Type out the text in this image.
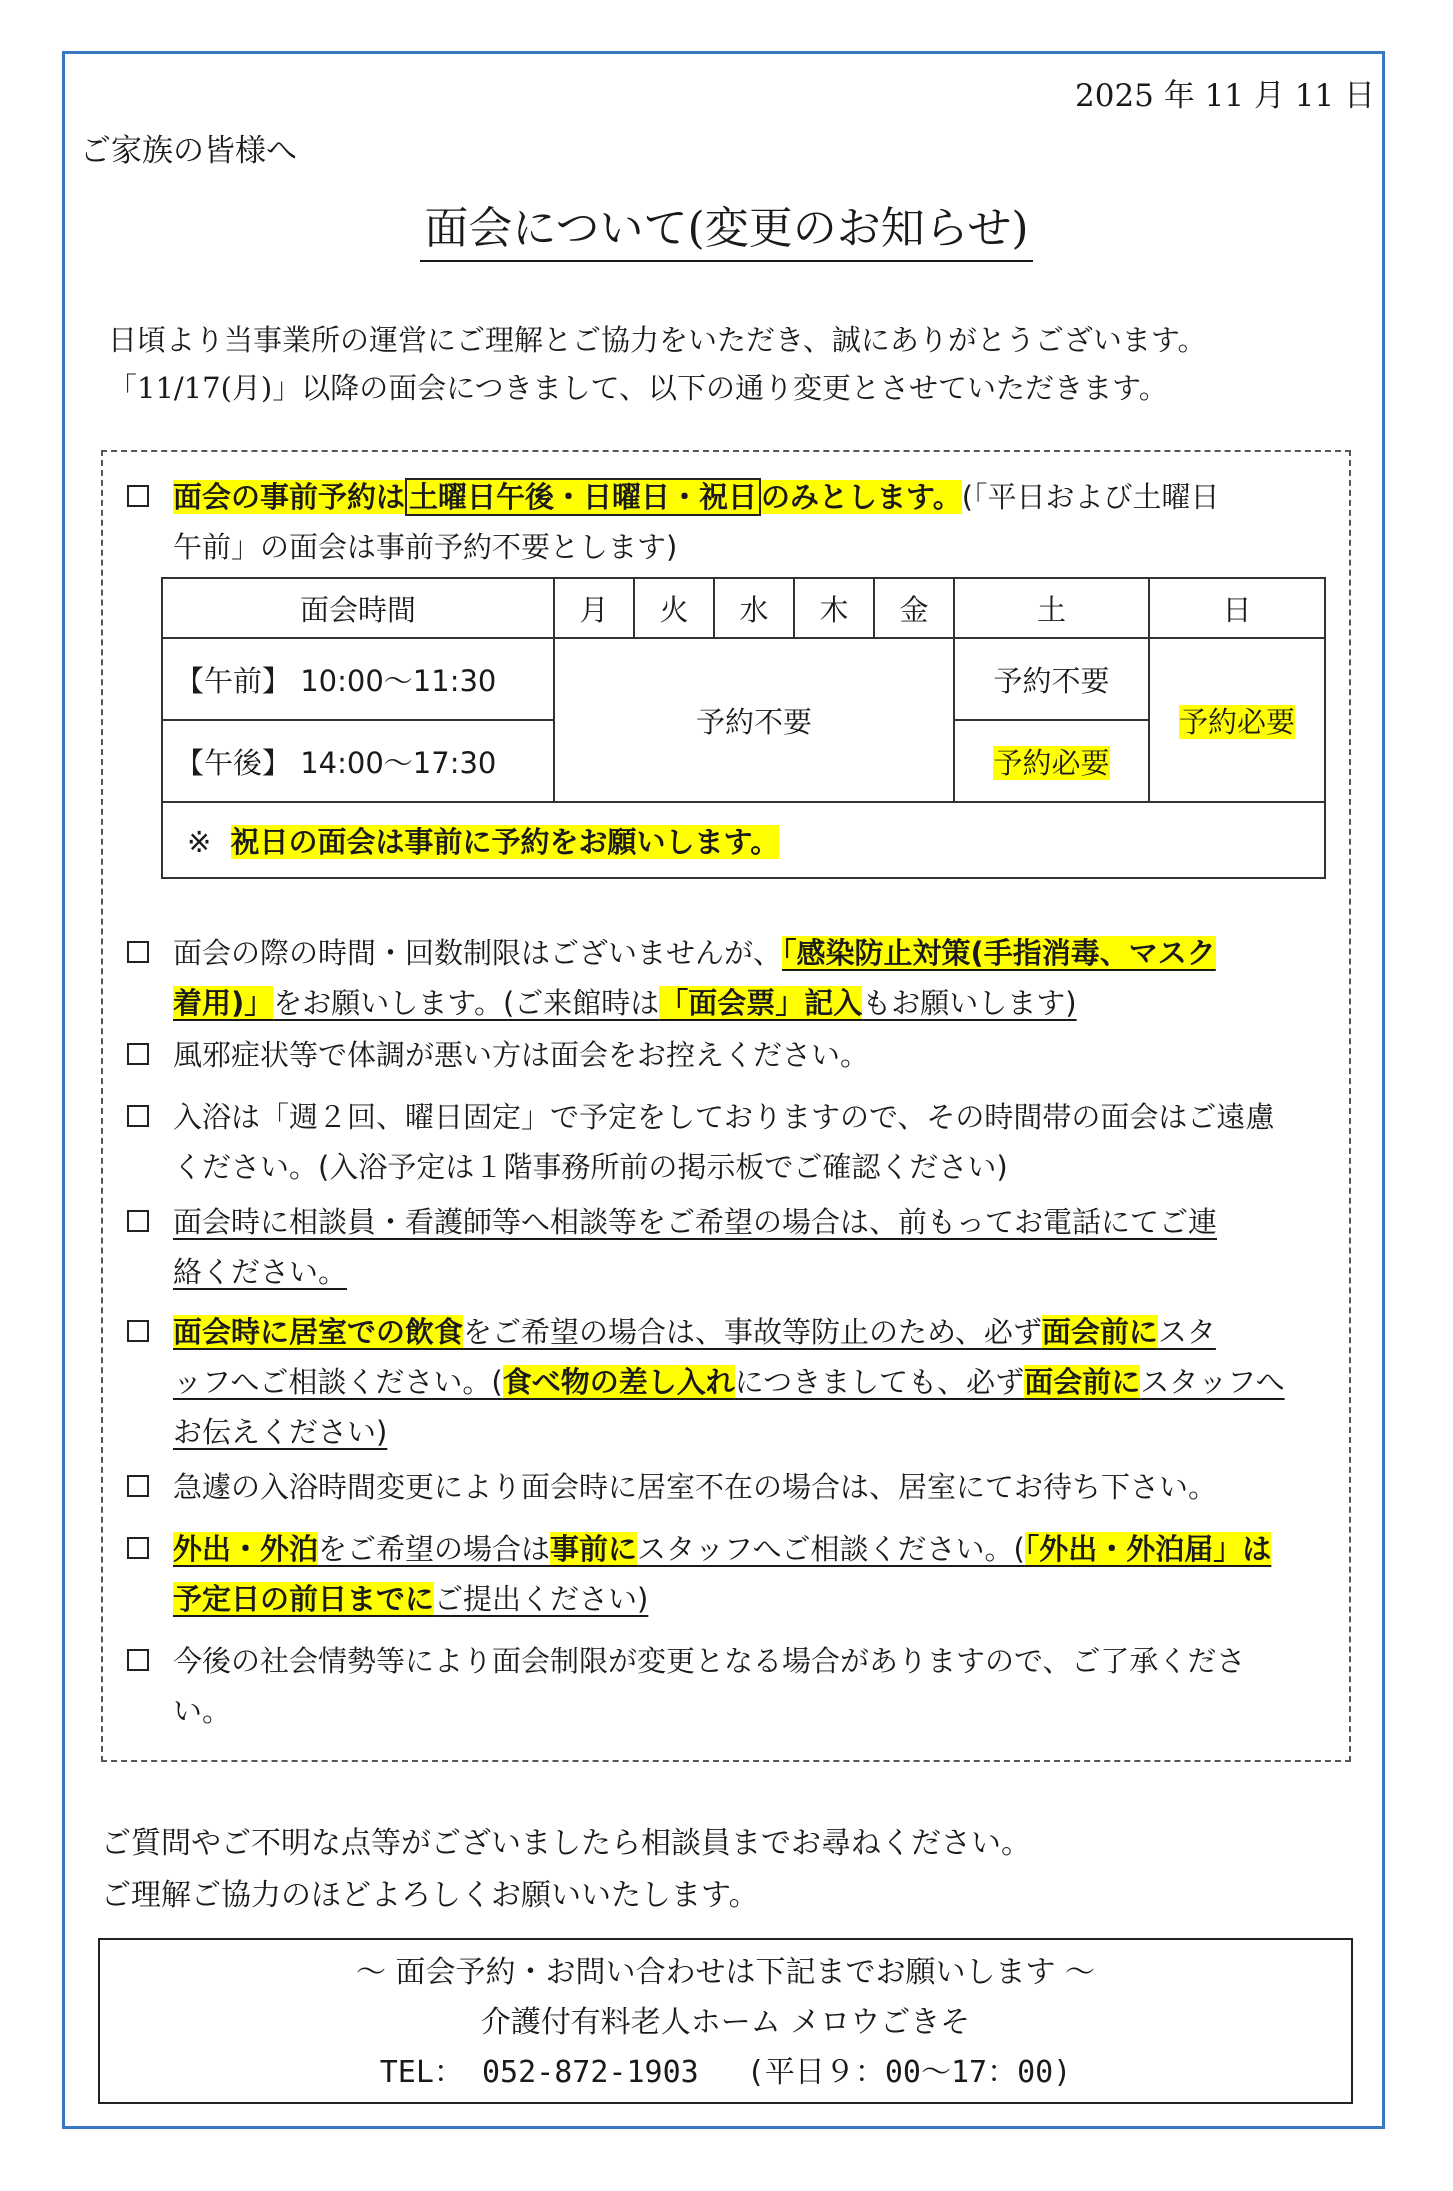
2025 年 11 月 11 日
ご家族の皆様へ
面会について(変更のお知らせ)
日頃より当事業所の運営にご理解とご協力をいただき、誠にありがとうございます。
「11/17(月)」以降の面会につきまして、以下の通り変更とさせていただきます。
面会の事前予約は 土曜日午後・日曜日・祝日 のみとします。(「平日および土曜日
午前」の面会は事前予約不要とします)
面会時間	月	火	水	木	金	土	日
【午前】 10:00〜11:30	予約不要					予約不要	予約必要
【午後】 14:00〜17:30						予約必要	
※ 祝日の面会は事前に予約をお願いします。							
面会の際の時間・回数制限はございませんが、「感染防止対策(手指消毒、マスク
着用)」をお願いします。(ご来館時は「面会票」記入もお願いします)
風邪症状等で体調が悪い方は面会をお控えください。
入浴は「週２回、曜日固定」で予定をしておりますので、その時間帯の面会はご遠慮
ください。(入浴予定は１階事務所前の掲示板でご確認ください)
面会時に相談員・看護師等へ相談等をご希望の場合は、前もってお電話にてご連
絡ください。
面会時に居室での飲食をご希望の場合は、事故等防止のため、必ず面会前にスタ
ッフへご相談ください。(食べ物の差し入れにつきましても、必ず面会前にスタッフへ
お伝えください)
急遽の入浴時間変更により面会時に居室不在の場合は、居室にてお待ち下さい。
外出・外泊をご希望の場合は事前にスタッフへご相談ください。(「外出・外泊届」は
予定日の前日までにご提出ください)
今後の社会情勢等により面会制限が変更となる場合がありますので、ご了承くださ
い。
ご質問やご不明な点等がございましたら相談員までお尋ねください。
ご理解ご協力のほどよろしくお願いいたします。
〜 面会予約・お問い合わせは下記までお願いします 〜
介護付有料老人ホーム メロウごきそ
TEL： 052-872-1903　 (平日９：00〜17：00)
